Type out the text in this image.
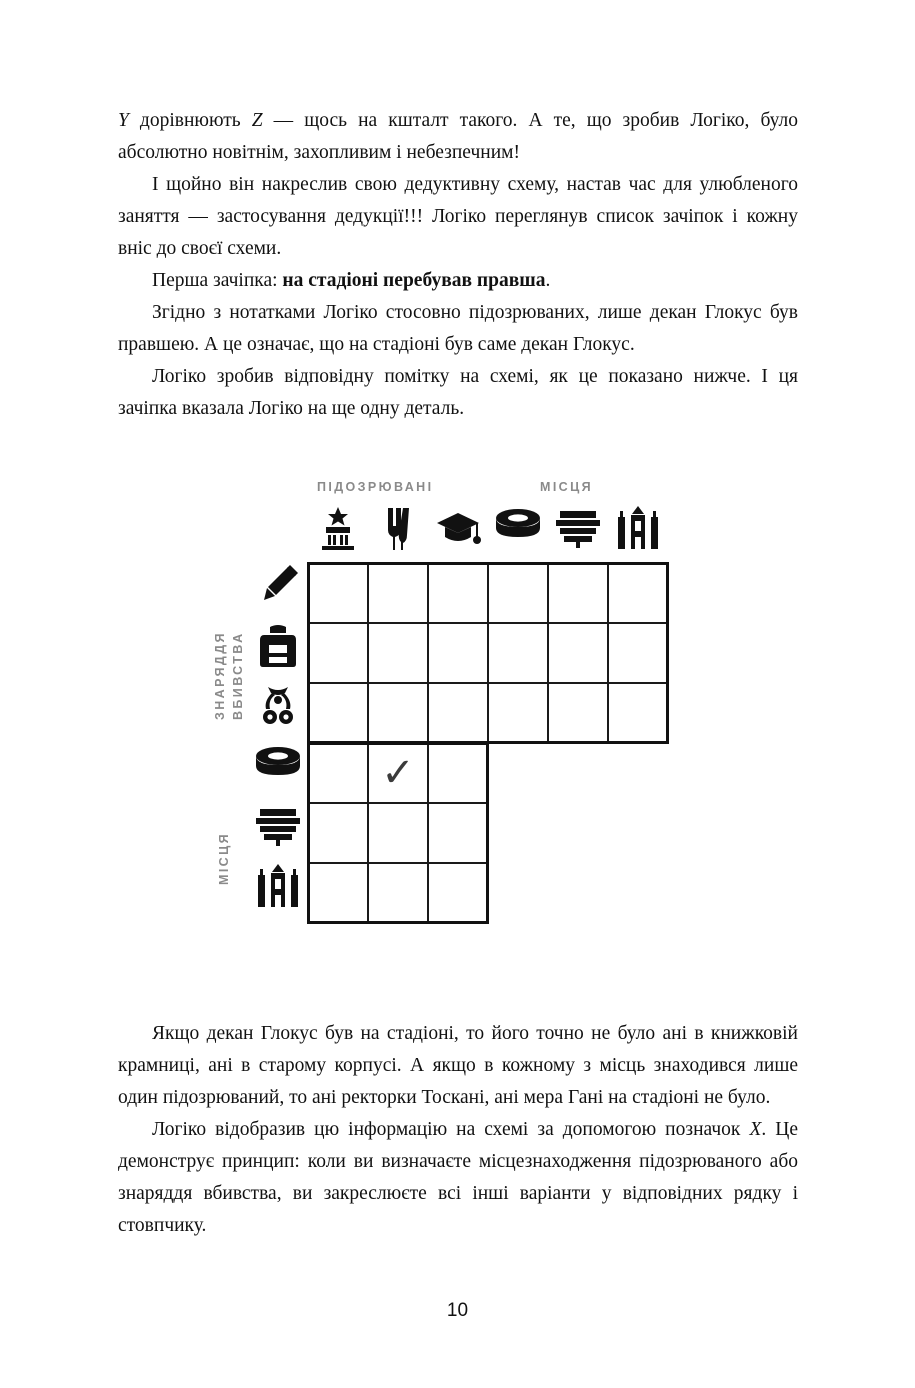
Y дорівнюють Z — щось на кшталт такого. А те, що зробив Логіко, було абсолютно новітнім, захопливим і небезпечним!

І щойно він накреслив свою дедуктивну схему, настав час для улюбленого заняття — застосування дедукції!!! Логіко переглянув список зачіпок і кожну вніс до своєї схеми.

Перша зачіпка: на стадіоні перебував правша.

Згідно з нотатками Логіко стосовно підозрюваних, лише декан Глокус був правшею. А це означає, що на стадіоні був саме декан Глокус.

Логіко зробив відповідну помітку на схемі, як це показано нижче. І ця зачіпка вказала Логіко на ще одну деталь.

ПІДОЗРЮВАНІ	МІСЦЯ
ЗНАРЯДДЯ ВБИВСТВА
МІСЦЯ
✓

Якщо декан Глокус був на стадіоні, то його точно не було ані в книжковій крамниці, ані в старому корпусі. А якщо в кожному з місць знаходився лише один підозрюваний, то ані ректорки Тоскані, ані мера Гані на стадіоні не було.

Логіко відобразив цю інформацію на схемі за допомогою позначок X. Це демонструє принцип: коли ви визначаєте місцезнаходження підозрюваного або знаряддя вбивства, ви закреслюєте всі інші варіанти у відповідних рядку і стовпчику.

10
